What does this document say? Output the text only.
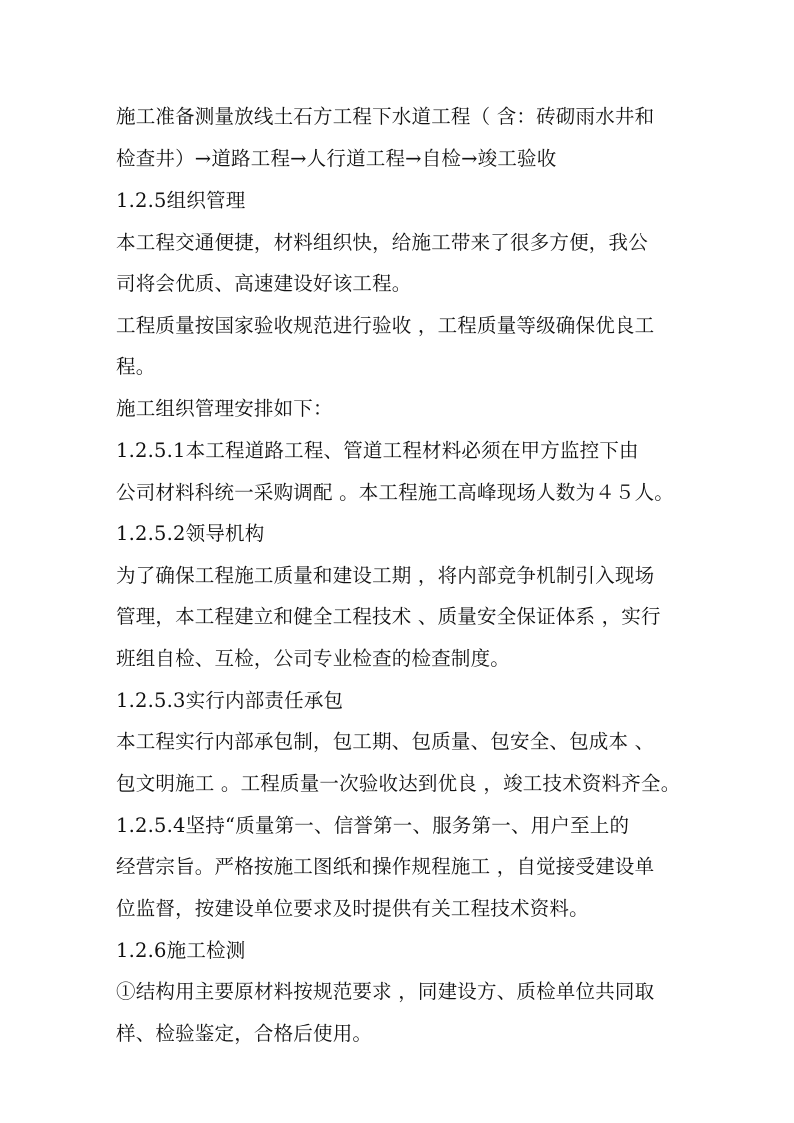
施工准备测量放线土石方工程下水道工程（ 含：砖砌雨水井和
检查井）→道路工程→人行道工程→自检→竣工验收
1.2.5组织管理
本工程交通便捷，材料组织快，给施工带来了很多方便，我公
司将会优质、高速建设好该工程。
工程质量按国家验收规范进行验收 ，工程质量等级确保优良工
程。
施工组织管理安排如下：
1.2.5.1本工程道路工程、管道工程材料必须在甲方监控下由
公司材料科统一采购调配 。本工程施工高峰现场人数为４５人。
1.2.5.2领导机构
为了确保工程施工质量和建设工期 ，将内部竞争机制引入现场
管理，本工程建立和健全工程技术 、质量安全保证体系 ，实行
班组自检、互检，公司专业检查的检查制度。
1.2.5.3实行内部责任承包
本工程实行内部承包制，包工期、包质量、包安全、包成本 、
包文明施工 。工程质量一次验收达到优良 ，竣工技术资料齐全。
1.2.5.4坚持“质量第一、信誉第一、服务第一、用户至上的
经营宗旨。严格按施工图纸和操作规程施工 ，自觉接受建设单
位监督，按建设单位要求及时提供有关工程技术资料。
1.2.6施工检测
①结构用主要原材料按规范要求 ，同建设方、质检单位共同取
样、检验鉴定，合格后使用。
